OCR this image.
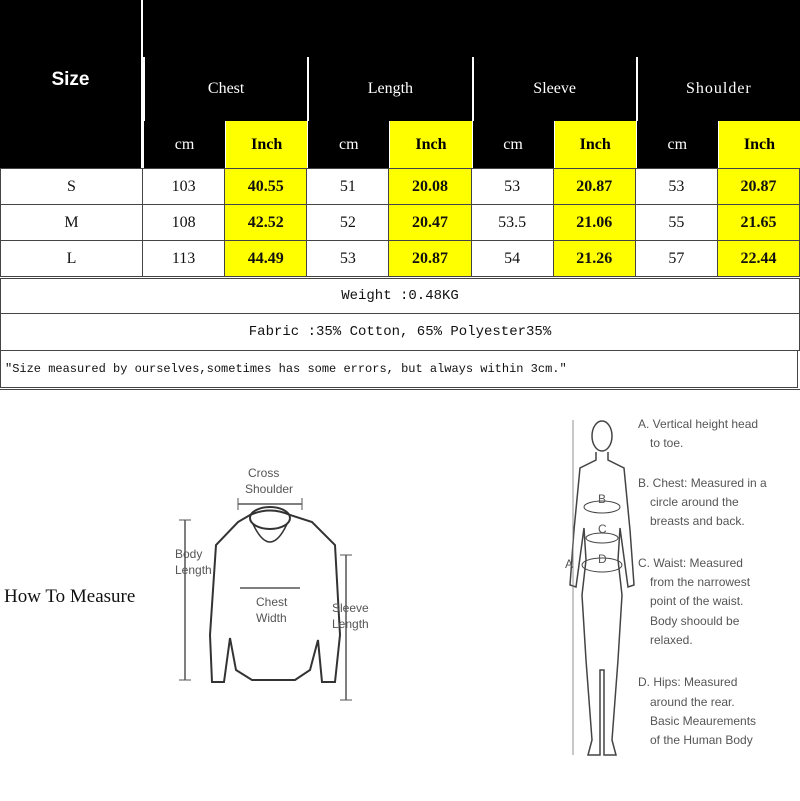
Size	Chest	Length	Sleeve	Shoulder
cm	Inch	cm	Inch	cm	Inch	cm	Inch
S	103	40.55	51	20.08	53	20.87	53	20.87
M	108	42.52	52	20.47	53.5	21.06	55	21.65
L	113	44.49	53	20.87	54	21.26	57	22.44
Weight :0.48KG
Fabric :35% Cotton, 65% Polyester35%
"Size measured by ourselves,sometimes has some errors, but always within 3cm."
How To Measure
Cross
Shoulder
Body
Length
Chest
Width
Sleeve
Length
B
C
D
A
A. Vertical height head
to toe.
B. Chest: Measured in a
circle around the
breasts and back.
C. Waist: Measured
from the narrowest
point of the waist.
Body shoould be
relaxed.
D. Hips: Measured
around the rear.
Basic Meaurements
of the Human Body
